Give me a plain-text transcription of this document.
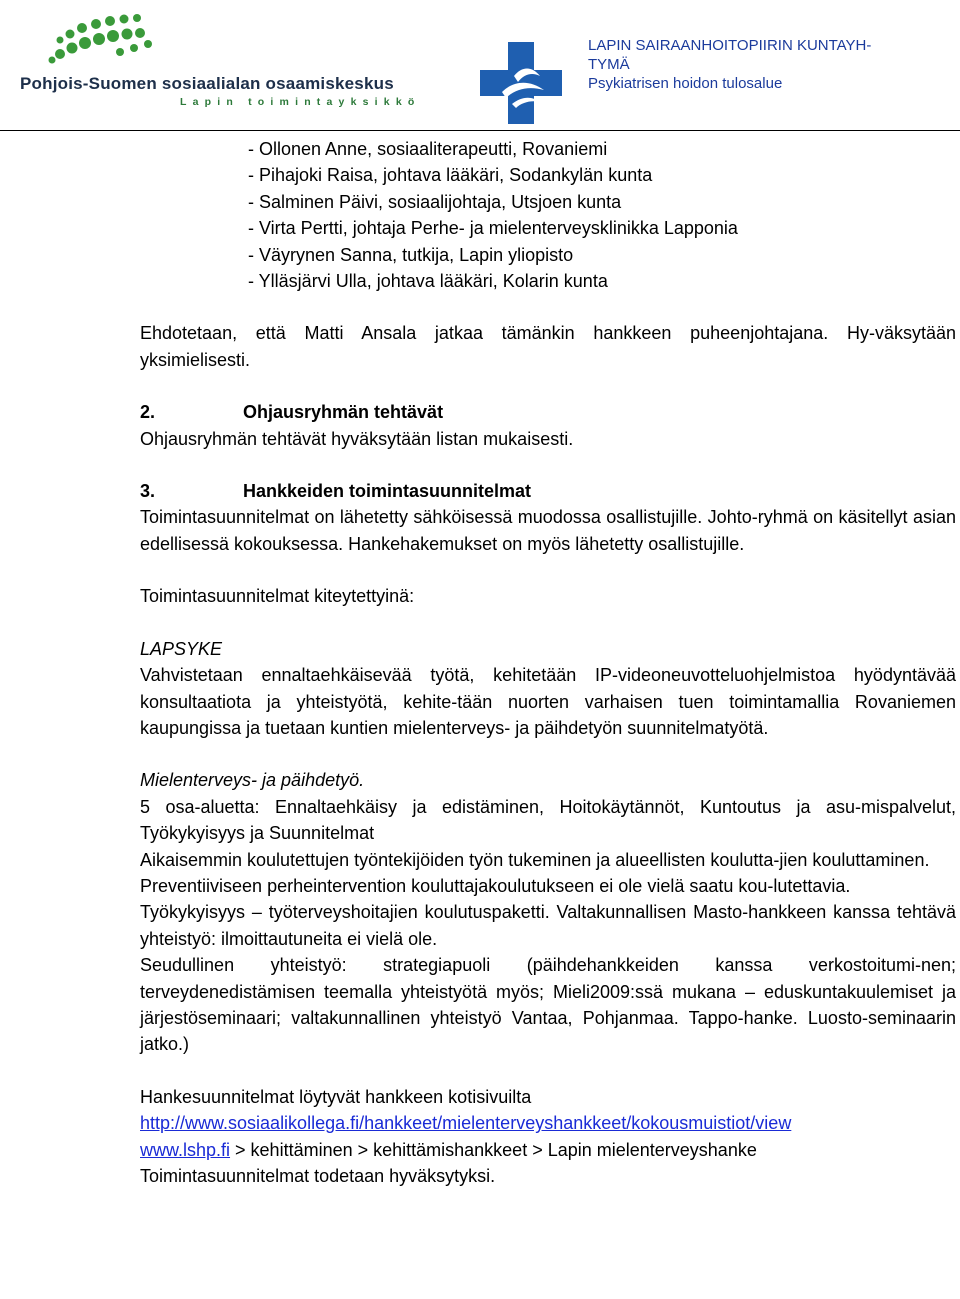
Pohjois-Suomen sosiaalialan osaamiskeskus
Lapin toimintayksikkö
LAPIN SAIRAANHOITOPIIRIN KUNTAYH-
TYMÄ
Psykiatrisen hoidon tulosalue

- Ollonen Anne, sosiaaliterapeutti, Rovaniemi

- Pihajoki Raisa, johtava lääkäri, Sodankylän kunta

- Salminen Päivi, sosiaalijohtaja, Utsjoen kunta

- Virta Pertti, johtaja Perhe- ja mielenterveysklinikka Lapponia

- Väyrynen Sanna, tutkija, Lapin yliopisto

- Ylläsjärvi Ulla, johtava lääkäri, Kolarin kunta

Ehdotetaan, että Matti Ansala jatkaa tämänkin hankkeen puheenjohtajana. Hy-väksytään yksimielisesti.

2.	Ohjausryhmän tehtävät

Ohjausryhmän tehtävät hyväksytään listan mukaisesti.

3.	Hankkeiden toimintasuunnitelmat

Toimintasuunnitelmat on lähetetty sähköisessä muodossa osallistujille. Johto-ryhmä on käsitellyt asian edellisessä kokouksessa. Hankehakemukset on myös lähetetty osallistujille.

Toimintasuunnitelmat kiteytettyinä:

LAPSYKE

Vahvistetaan ennaltaehkäisevää työtä, kehitetään IP-videoneuvotteluohjelmistoa hyödyntävää konsultaatiota ja yhteistyötä, kehite-tään nuorten varhaisen tuen toimintamallia Rovaniemen kaupungissa ja tuetaan kuntien mielenterveys- ja päihdetyön suunnitelmatyötä.

Mielenterveys- ja päihdetyö.

5 osa-aluetta: Ennaltaehkäisy ja edistäminen, Hoitokäytännöt, Kuntoutus ja asu-mispalvelut, Työkykyisyys ja Suunnitelmat

Aikaisemmin koulutettujen työntekijöiden työn tukeminen ja alueellisten koulutta-jien kouluttaminen.

Preventiiviseen perheintervention kouluttajakoulutukseen ei ole vielä saatu kou-lutettavia.

Työkykyisyys – työterveyshoitajien koulutuspaketti. Valtakunnallisen Masto-hankkeen kanssa tehtävä yhteistyö: ilmoittautuneita ei vielä ole.

Seudullinen yhteistyö: strategiapuoli (päihdehankkeiden kanssa verkostoitumi-nen; terveydenedistämisen teemalla yhteistyötä myös; Mieli2009:ssä mukana – eduskuntakuulemiset ja järjestöseminaari; valtakunnallinen yhteistyö Vantaa, Pohjanmaa. Tappo-hanke. Luosto-seminaarin jatko.)

Hankesuunnitelmat löytyvät hankkeen kotisivuilta

http://www.sosiaalikollega.fi/hankkeet/mielenterveyshankkeet/kokousmuistiot/view

www.lshp.fi > kehittäminen > kehittämishankkeet > Lapin mielenterveyshanke

Toimintasuunnitelmat todetaan hyväksytyksi.
